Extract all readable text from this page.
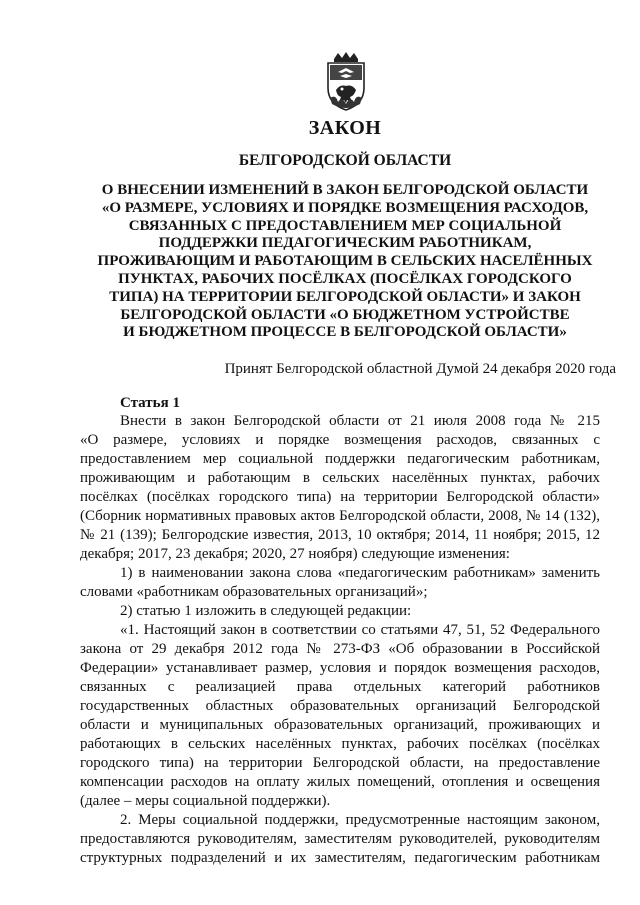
ЗАКОН
БЕЛГОРОДСКОЙ ОБЛАСТИ
О ВНЕСЕНИИ ИЗМЕНЕНИЙ В ЗАКОН БЕЛГОРОДСКОЙ ОБЛАСТИ
«О РАЗМЕРЕ, УСЛОВИЯХ И ПОРЯДКЕ ВОЗМЕЩЕНИЯ РАСХОДОВ,
СВЯЗАННЫХ С ПРЕДОСТАВЛЕНИЕМ МЕР СОЦИАЛЬНОЙ
ПОДДЕРЖКИ ПЕДАГОГИЧЕСКИМ РАБОТНИКАМ,
ПРОЖИВАЮЩИМ И РАБОТАЮЩИМ В СЕЛЬСКИХ НАСЕЛЁННЫХ
ПУНКТАХ, РАБОЧИХ ПОСЁЛКАХ (ПОСЁЛКАХ ГОРОДСКОГО
ТИПА) НА ТЕРРИТОРИИ БЕЛГОРОДСКОЙ ОБЛАСТИ» И ЗАКОН
БЕЛГОРОДСКОЙ ОБЛАСТИ «О БЮДЖЕТНОМ УСТРОЙСТВЕ
И БЮДЖЕТНОМ ПРОЦЕССЕ В БЕЛГОРОДСКОЙ ОБЛАСТИ»
Принят Белгородской областной Думой 24 декабря 2020 года
Статья 1
Внести в закон Белгородской области от 21 июля 2008 года № 215
«О размере, условиях и порядке возмещения расходов, связанных с
предоставлением мер социальной поддержки педагогическим работникам,
проживающим и работающим в сельских населённых пунктах, рабочих
посёлках (посёлках городского типа) на территории Белгородской области»
(Сборник нормативных правовых актов Белгородской области, 2008, № 14 (132),
№ 21 (139); Белгородские известия, 2013, 10 октября; 2014, 11 ноября; 2015, 12
декабря; 2017, 23 декабря; 2020, 27 ноября) следующие изменения:
1) в наименовании закона слова «педагогическим работникам» заменить
словами «работникам образовательных организаций»;
2) статью 1 изложить в следующей редакции:
«1. Настоящий закон в соответствии со статьями 47, 51, 52 Федерального
закона от 29 декабря 2012 года № 273-ФЗ «Об образовании в Российской
Федерации» устанавливает размер, условия и порядок возмещения расходов,
связанных с реализацией права отдельных категорий работников
государственных областных образовательных организаций Белгородской
области и муниципальных образовательных организаций, проживающих и
работающих в сельских населённых пунктах, рабочих посёлках (посёлках
городского типа) на территории Белгородской области, на предоставление
компенсации расходов на оплату жилых помещений, отопления и освещения
(далее – меры социальной поддержки).
2. Меры социальной поддержки, предусмотренные настоящим законом,
предоставляются руководителям, заместителям руководителей, руководителям
структурных подразделений и их заместителям, педагогическим работникам
